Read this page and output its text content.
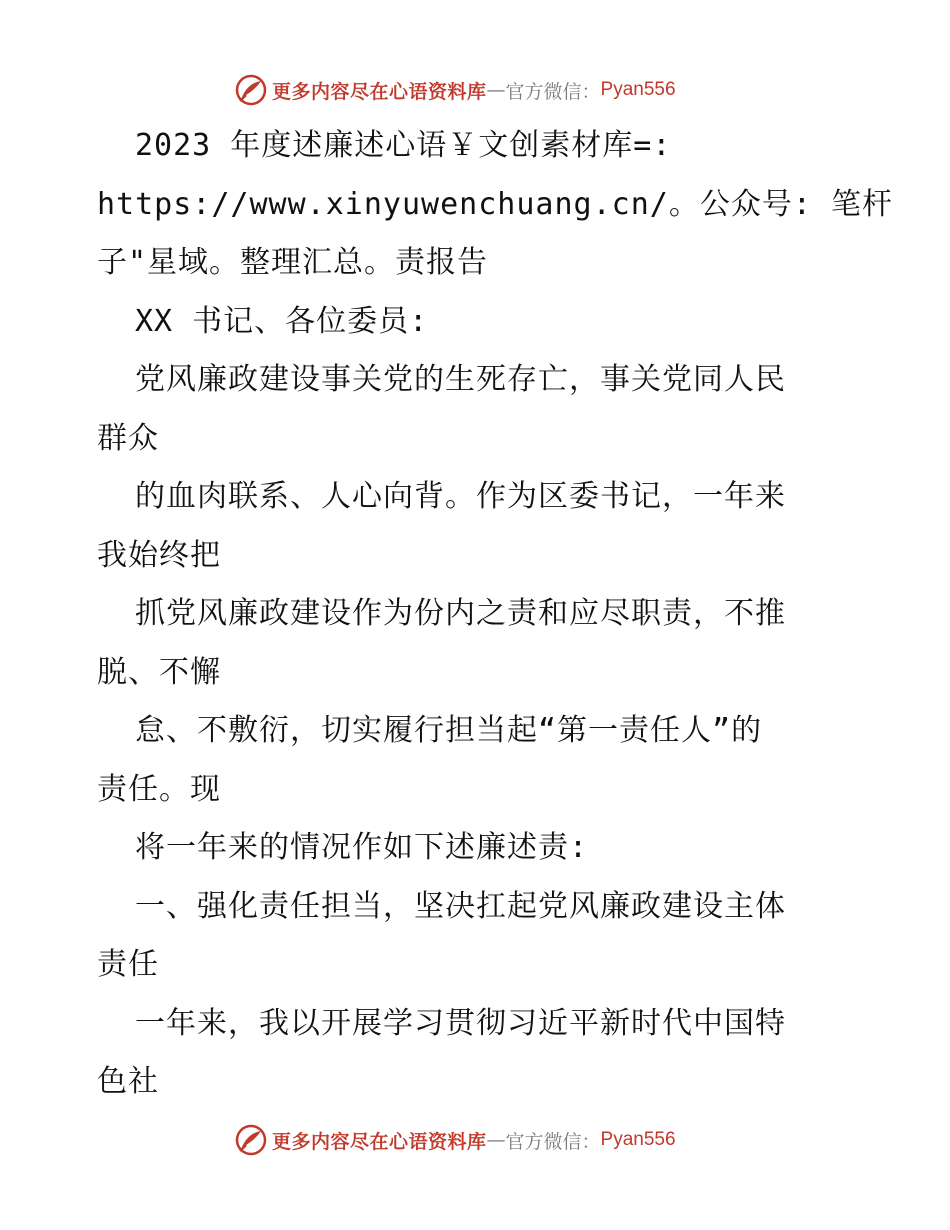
更多内容尽在心语资料库 — 官方微信： Pyan556
2023 年度述廉述心语￥文创素材库=:
https://www.xinyuwenchuang.cn/。公众号: 笔杆
子"星域。整理汇总。责报告
XX 书记、各位委员:
党风廉政建设事关党的生死存亡，事关党同人民
群众
的血肉联系、人心向背。作为区委书记，一年来
我始终把
抓党风廉政建设作为份内之责和应尽职责，不推
脱、不懈
怠、不敷衍，切实履行担当起“第一责任人”的
责任。现
将一年来的情况作如下述廉述责:
一、强化责任担当，坚决扛起党风廉政建设主体
责任
一年来，我以开展学习贯彻习近平新时代中国特
色社
更多内容尽在心语资料库 — 官方微信： Pyan556
